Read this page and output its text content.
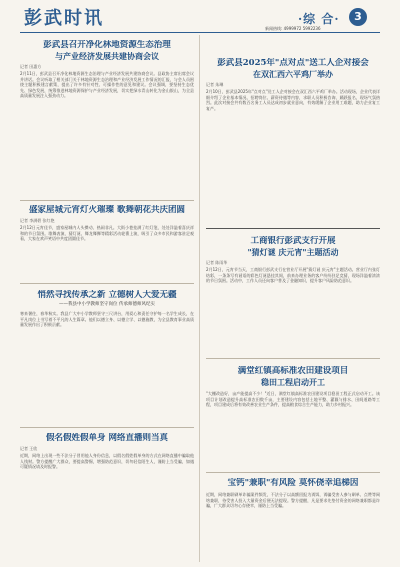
彭武时讯	·综 合·	3
新闻热线: 4999972 5992236

彭武县召开净化林地资源生态治理

与产业经济发展共建协商会议

记者 田惠方

2月11日，彭武县召开净化林地资源生态治理与产业经济发展共建协商会议。县政协主席出席会议并讲话。会议听取了相关部门关于林地资源生态治理和产业经济发展工作情况的汇报，与会人员围绕主题积极建言献策，提出了许多有针对性、可操作性的意见和建议。会议强调，要坚持生态优先、绿色发展，统筹推进林地资源保护与产业经济发展，切实把绿水青山转化为金山银山，为全县高质量发展注入强劲动力。

盛家屋城元宵灯火璀璨 歌舞朝花共庆团圆

记者 李满碧 张红艳

2月12日元宵佳节，盛家屋城内人头攒动、热闹非凡。大街小巷挂满了红灯笼，处处洋溢着喜庆祥和的节日氛围。歌舞表演、猜灯谜、舞龙舞狮等精彩活动轮番上演，吸引了众多市民和游客驻足观看，大家在欢声笑语中共度团圆佳节。

悄然寻找传承之新 立德树人大爱无疆

——我县中小学教师坚守岗位 传承师德师风纪实

寒来暑往，春华秋实。我县广大中小学教师坚守三尺讲台，用爱心和责任守护每一名学生成长，在平凡岗位上书写着不平凡的人生篇章。他们以德立身、以德立学、以德施教，为全县教育事业高质量发展作出了积极贡献。

假名假姓假单身 网络直播则当真

记者 王欣

近期，网络上出现一些不法分子冒用他人身份信息，以假名假姓假单身的方式在网络直播中骗取他人钱财。警方提醒广大群众，要提高警惕，增强防范意识，切勿轻信陌生人，谨防上当受骗，如遇可疑情况请及时报警。

彭武县2025年"点对点"送工人企对接会

在双汇西六平鸡厂举办

记者 朱琳

2月10日，彭武县2025年"点对点"送工人企对接会在双汇西六平鸡厂举办。活动现场，企业代表详细介绍了企业基本情况、招聘岗位、薪资待遇等内容，求职人员积极咨询、踊跃报名，现场气氛热烈。此次对接会共有数百名务工人员达成初步就业意向，有效缓解了企业用工难题，助力企业复工复产。

工商银行彭武支行开展

"猜灯谜 庆元宵"主题活动

记者 陈雨华

2月12日，元宵节当天，工商银行彭武支行在营业厅开展"猜灯谜 庆元宵"主题活动。营业厅内张灯结彩，一条条写有谜语的彩色灯谜悬挂其间，前来办理业务的客户纷纷驻足竞猜，现场洋溢着浓浓的节日氛围。活动中，工作人员还向客户普及了金融知识，提升客户风险防范意识。

满堂红镇高标准农田建设项目

稳田工程启动开工

"大棚改造好，亩产能提高不少！"近日，满堂红镇高标准农田建设项目稳田工程正式启动开工。该项目计划改造提升高标准农田数千亩，主要建设内容包括土地平整、灌溉与排水、田间道路等工程，项目建成后将有效改善农业生产条件，提高粮食综合生产能力，助力乡村振兴。

宝钙"兼职"有风险 莫怀侥幸追梯因

近期，网络兼职刷单诈骗案件频发，不法分子以高额回报为诱饵，诱骗受害人参与刷单、点赞等网络兼职，待受害人投入大量资金后便无法提现。警方提醒，凡是要求先垫付资金的网络兼职都是诈骗，广大群众切勿心存侥幸，谨防上当受骗。
